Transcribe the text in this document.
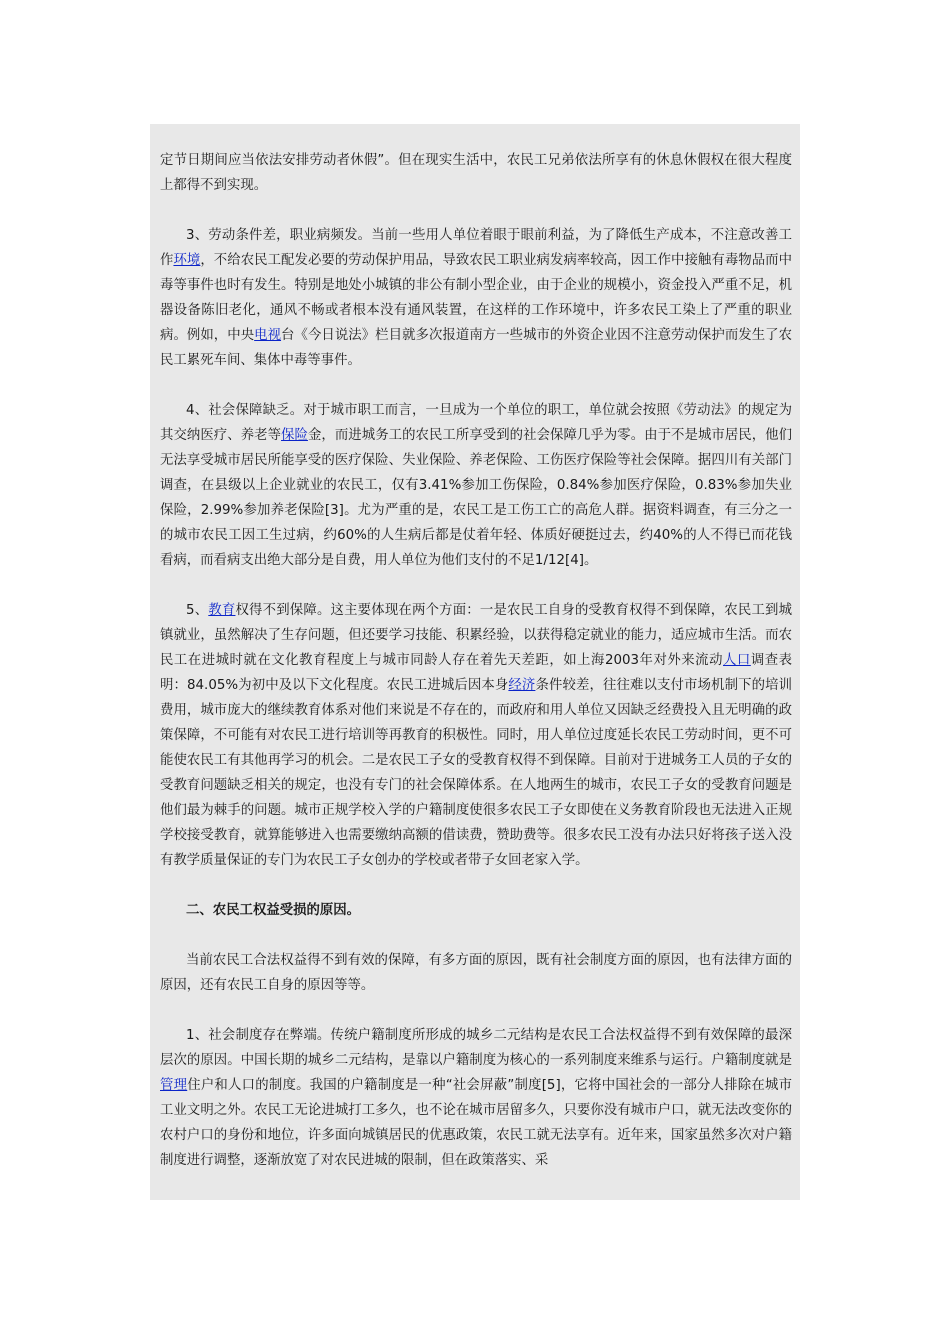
定节日期间应当依法安排劳动者休假”。但在现实生活中，农民工兄弟依法所享有的休息休假权在很大程度上都得不到实现。

3、劳动条件差，职业病频发。当前一些用人单位着眼于眼前利益，为了降低生产成本，不注意改善工作环境，不给农民工配发必要的劳动保护用品，导致农民工职业病发病率较高，因工作中接触有毒物品而中毒等事件也时有发生。特别是地处小城镇的非公有制小型企业，由于企业的规模小，资金投入严重不足，机器设备陈旧老化，通风不畅或者根本没有通风装置，在这样的工作环境中，许多农民工染上了严重的职业病。例如，中央电视台《今日说法》栏目就多次报道南方一些城市的外资企业因不注意劳动保护而发生了农民工累死车间、集体中毒等事件。

4、社会保障缺乏。对于城市职工而言，一旦成为一个单位的职工，单位就会按照《劳动法》的规定为其交纳医疗、养老等保险金，而进城务工的农民工所享受到的社会保障几乎为零。由于不是城市居民，他们无法享受城市居民所能享受的医疗保险、失业保险、养老保险、工伤医疗保险等社会保障。据四川有关部门调查，在县级以上企业就业的农民工，仅有3.41%参加工伤保险，0.84%参加医疗保险，0.83%参加失业保险，2.99%参加养老保险[3]。尤为严重的是，农民工是工伤工亡的高危人群。据资料调查，有三分之一的城市农民工因工生过病，约60%的人生病后都是仗着年轻、体质好硬挺过去，约40%的人不得已而花钱看病，而看病支出绝大部分是自费，用人单位为他们支付的不足1/12[4]。

5、教育权得不到保障。这主要体现在两个方面：一是农民工自身的受教育权得不到保障，农民工到城镇就业，虽然解决了生存问题，但还要学习技能、积累经验，以获得稳定就业的能力，适应城市生活。而农民工在进城时就在文化教育程度上与城市同龄人存在着先天差距，如上海2003年对外来流动人口调查表明：84.05%为初中及以下文化程度。农民工进城后因本身经济条件较差，往往难以支付市场机制下的培训费用，城市庞大的继续教育体系对他们来说是不存在的，而政府和用人单位又因缺乏经费投入且无明确的政策保障，不可能有对农民工进行培训等再教育的积极性。同时，用人单位过度延长农民工劳动时间，更不可能使农民工有其他再学习的机会。二是农民工子女的受教育权得不到保障。目前对于进城务工人员的子女的受教育问题缺乏相关的规定，也没有专门的社会保障体系。在人地两生的城市，农民工子女的受教育问题是他们最为棘手的问题。城市正规学校入学的户籍制度使很多农民工子女即使在义务教育阶段也无法进入正规学校接受教育，就算能够进入也需要缴纳高额的借读费，赞助费等。很多农民工没有办法只好将孩子送入没有教学质量保证的专门为农民工子女创办的学校或者带子女回老家入学。

二、农民工权益受损的原因。

当前农民工合法权益得不到有效的保障，有多方面的原因，既有社会制度方面的原因，也有法律方面的原因，还有农民工自身的原因等等。

1、社会制度存在弊端。传统户籍制度所形成的城乡二元结构是农民工合法权益得不到有效保障的最深层次的原因。中国长期的城乡二元结构，是靠以户籍制度为核心的一系列制度来维系与运行。户籍制度就是管理住户和人口的制度。我国的户籍制度是一种“社会屏蔽”制度[5]，它将中国社会的一部分人排除在城市工业文明之外。农民工无论进城打工多久，也不论在城市居留多久，只要你没有城市户口，就无法改变你的农村户口的身份和地位，许多面向城镇居民的优惠政策，农民工就无法享有。近年来，国家虽然多次对户籍制度进行调整，逐渐放宽了对农民进城的限制，但在政策落实、采
